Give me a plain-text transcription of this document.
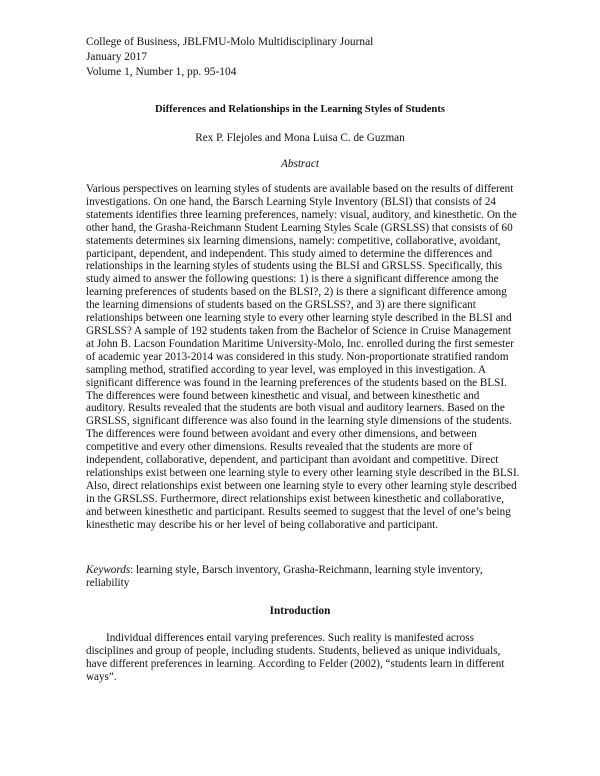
College of Business, JBLFMU-Molo Multidisciplinary Journal
January 2017
Volume 1, Number 1, pp. 95-104
Differences and Relationships in the Learning Styles of Students
Rex P. Flejoles and Mona Luisa C. de Guzman
Abstract
Various perspectives on learning styles of students are available based on the results of different
investigations. On one hand, the Barsch Learning Style Inventory (BLSI) that consists of 24
statements identifies three learning preferences, namely: visual, auditory, and kinesthetic. On the
other hand, the Grasha-Reichmann Student Learning Styles Scale (GRSLSS) that consists of 60
statements determines six learning dimensions, namely: competitive, collaborative, avoidant,
participant, dependent, and independent. This study aimed to determine the differences and
relationships in the learning styles of students using the BLSI and GRSLSS. Specifically, this
study aimed to answer the following questions: 1) is there a significant difference among the
learning preferences of students based on the BLSI?, 2) is there a significant difference among
the learning dimensions of students based on the GRSLSS?, and 3) are there significant
relationships between one learning style to every other learning style described in the BLSI and
GRSLSS? A sample of 192 students taken from the Bachelor of Science in Cruise Management
at John B. Lacson Foundation Maritime University-Molo, Inc. enrolled during the first semester
of academic year 2013-2014 was considered in this study. Non-proportionate stratified random
sampling method, stratified according to year level, was employed in this investigation. A
significant difference was found in the learning preferences of the students based on the BLSI.
The differences were found between kinesthetic and visual, and between kinesthetic and
auditory. Results revealed that the students are both visual and auditory learners. Based on the
GRSLSS, significant difference was also found in the learning style dimensions of the students.
The differences were found between avoidant and every other dimensions, and between
competitive and every other dimensions. Results revealed that the students are more of
independent, collaborative, dependent, and participant than avoidant and competitive. Direct
relationships exist between one learning style to every other learning style described in the BLSI.
Also, direct relationships exist between one learning style to every other learning style described
in the GRSLSS. Furthermore, direct relationships exist between kinesthetic and collaborative,
and between kinesthetic and participant. Results seemed to suggest that the level of one’s being
kinesthetic may describe his or her level of being collaborative and participant.
Keywords: learning style, Barsch inventory, Grasha-Reichmann, learning style inventory,
reliability
Introduction
Individual differences entail varying preferences. Such reality is manifested across
disciplines and group of people, including students. Students, believed as unique individuals,
have different preferences in learning. According to Felder (2002), “students learn in different
ways”.
